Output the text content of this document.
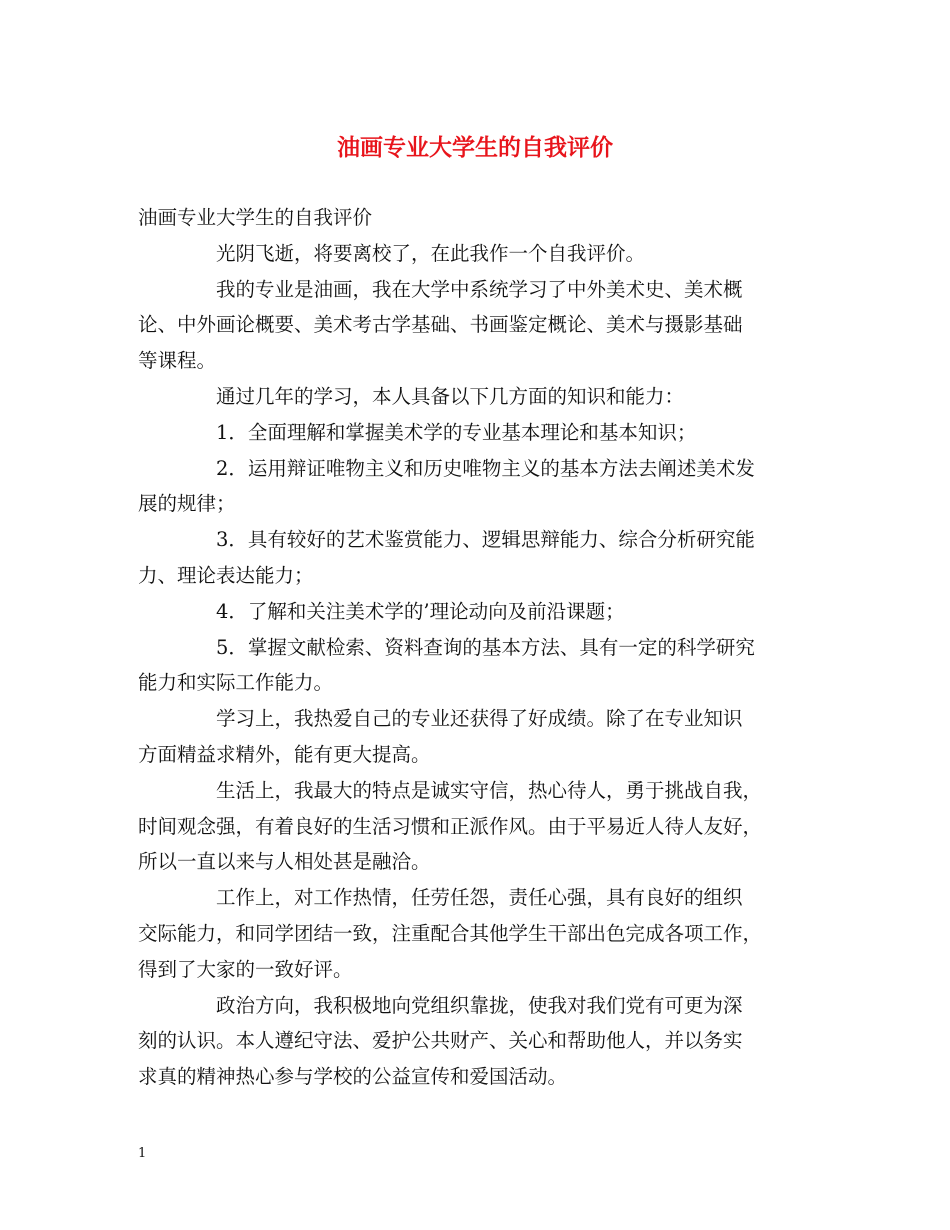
油画专业大学生的自我评价

油画专业大学生的自我评价

光阴飞逝，将要离校了，在此我作一个自我评价。

我的专业是油画，我在大学中系统学习了中外美术史、美术概

论、中外画论概要、美术考古学基础、书画鉴定概论、美术与摄影基础

等课程。

通过几年的学习，本人具备以下几方面的知识和能力：

1．全面理解和掌握美术学的专业基本理论和基本知识；

2．运用辩证唯物主义和历史唯物主义的基本方法去阐述美术发

展的规律；

3．具有较好的艺术鉴赏能力、逻辑思辩能力、综合分析研究能

力、理论表达能力；

4．了解和关注美术学的’理论动向及前沿课题；

5．掌握文献检索、资料查询的基本方法、具有一定的科学研究

能力和实际工作能力。

学习上，我热爱自己的专业还获得了好成绩。除了在专业知识

方面精益求精外，能有更大提高。

生活上，我最大的特点是诚实守信，热心待人，勇于挑战自我，

时间观念强，有着良好的生活习惯和正派作风。由于平易近人待人友好，

所以一直以来与人相处甚是融洽。

工作上，对工作热情，任劳任怨，责任心强，具有良好的组织

交际能力，和同学团结一致，注重配合其他学生干部出色完成各项工作，

得到了大家的一致好评。

政治方向，我积极地向党组织靠拢，使我对我们党有可更为深

刻的认识。本人遵纪守法、爱护公共财产、关心和帮助他人，并以务实

求真的精神热心参与学校的公益宣传和爱国活动。

1
